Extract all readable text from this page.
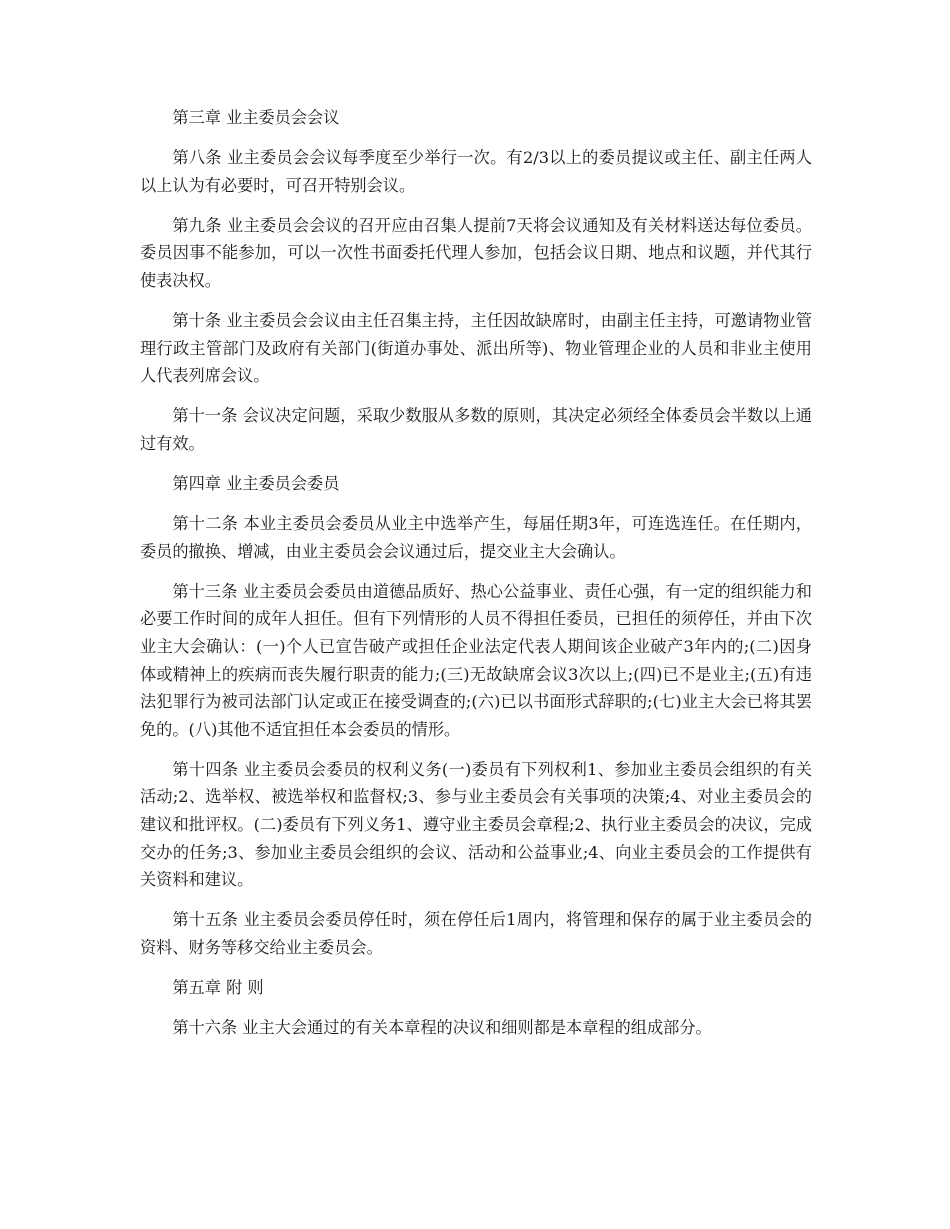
第三章 业主委员会会议

第八条 业主委员会会议每季度至少举行一次。有2/3以上的委员提议或主任、副主任两人以上认为有必要时，可召开特别会议。

第九条 业主委员会会议的召开应由召集人提前7天将会议通知及有关材料送达每位委员。委员因事不能参加，可以一次性书面委托代理人参加，包括会议日期、地点和议题，并代其行使表决权。

第十条 业主委员会会议由主任召集主持，主任因故缺席时，由副主任主持，可邀请物业管理行政主管部门及政府有关部门(街道办事处、派出所等)、物业管理企业的人员和非业主使用人代表列席会议。

第十一条 会议决定问题，采取少数服从多数的原则，其决定必须经全体委员会半数以上通过有效。

第四章 业主委员会委员

第十二条 本业主委员会委员从业主中选举产生，每届任期3年，可连选连任。在任期内，委员的撤换、增减，由业主委员会会议通过后，提交业主大会确认。

第十三条 业主委员会委员由道德品质好、热心公益事业、责任心强，有一定的组织能力和必要工作时间的成年人担任。但有下列情形的人员不得担任委员，已担任的须停任，并由下次业主大会确认：(一)个人已宣告破产或担任企业法定代表人期间该企业破产3年内的;(二)因身体或精神上的疾病而丧失履行职责的能力;(三)无故缺席会议3次以上;(四)已不是业主;(五)有违法犯罪行为被司法部门认定或正在接受调查的;(六)已以书面形式辞职的;(七)业主大会已将其罢免的。(八)其他不适宜担任本会委员的情形。

第十四条 业主委员会委员的权利义务(一)委员有下列权利1、参加业主委员会组织的有关活动;2、选举权、被选举权和监督权;3、参与业主委员会有关事项的决策;4、对业主委员会的建议和批评权。(二)委员有下列义务1、遵守业主委员会章程;2、执行业主委员会的决议，完成交办的任务;3、参加业主委员会组织的会议、活动和公益事业;4、向业主委员会的工作提供有关资料和建议。

第十五条 业主委员会委员停任时，须在停任后1周内，将管理和保存的属于业主委员会的资料、财务等移交给业主委员会。

第五章 附 则

第十六条 业主大会通过的有关本章程的决议和细则都是本章程的组成部分。
